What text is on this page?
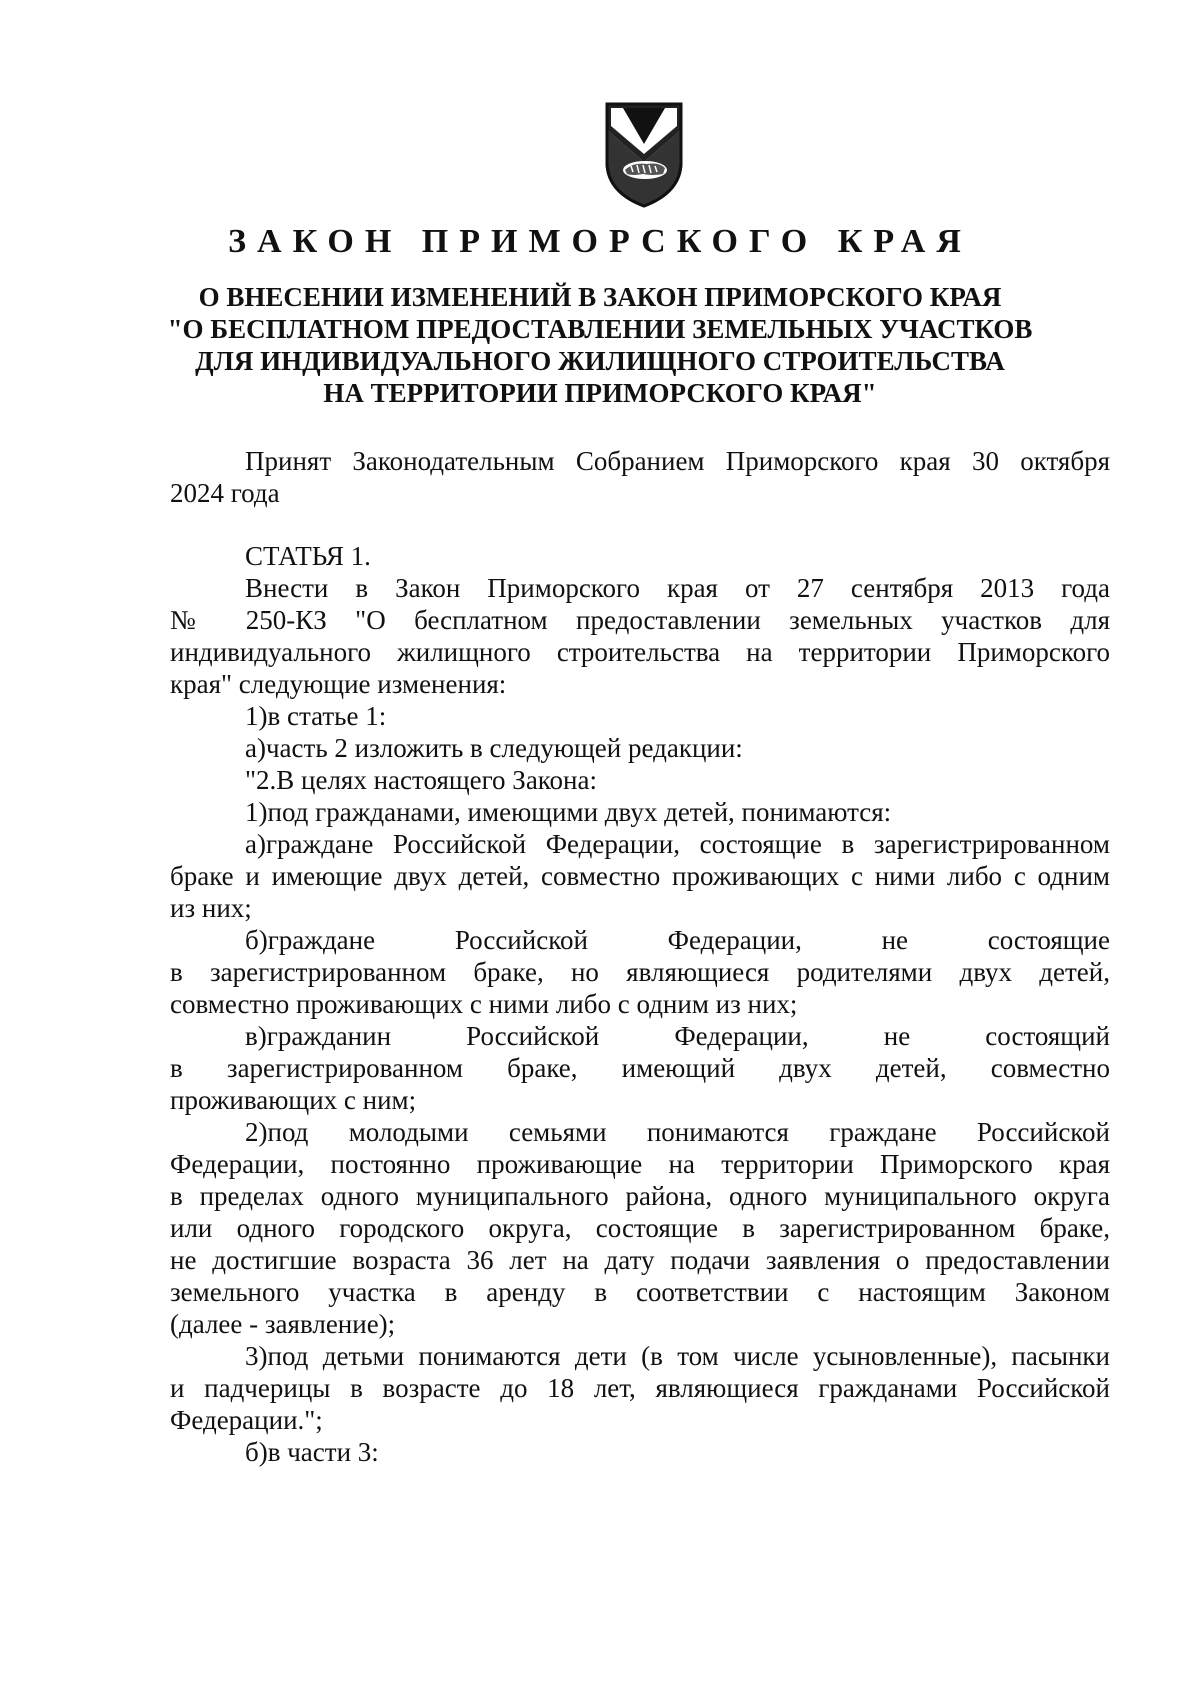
ЗАКОН ПРИМОРСКОГО КРАЯ
О ВНЕСЕНИИ ИЗМЕНЕНИЙ В ЗАКОН ПРИМОРСКОГО КРАЯ
"О БЕСПЛАТНОМ ПРЕДОСТАВЛЕНИИ ЗЕМЕЛЬНЫХ УЧАСТКОВ
ДЛЯ ИНДИВИДУАЛЬНОГО ЖИЛИЩНОГО СТРОИТЕЛЬСТВА
НА ТЕРРИТОРИИ ПРИМОРСКОГО КРАЯ"
Принят Законодательным Собранием Приморского края 30 октября
2024 года
СТАТЬЯ 1.
Внести в Закон Приморского края от 27 сентября 2013 года
№ 250-КЗ "О бесплатном предоставлении земельных участков для
индивидуального жилищного строительства на территории Приморского
края" следующие изменения:
1)в статье 1:
а)часть 2 изложить в следующей редакции:
"2.В целях настоящего Закона:
1)под гражданами, имеющими двух детей, понимаются:
а)граждане Российской Федерации, состоящие в зарегистрированном
браке и имеющие двух детей, совместно проживающих с ними либо с одним
из них;
б)граждане Российской Федерации, не состоящие
в зарегистрированном браке, но являющиеся родителями двух детей,
совместно проживающих с ними либо с одним из них;
в)гражданин Российской Федерации, не состоящий
в зарегистрированном браке, имеющий двух детей, совместно
проживающих с ним;
2)под молодыми семьями понимаются граждане Российской
Федерации, постоянно проживающие на территории Приморского края
в пределах одного муниципального района, одного муниципального округа
или одного городского округа, состоящие в зарегистрированном браке,
не достигшие возраста 36 лет на дату подачи заявления о предоставлении
земельного участка в аренду в соответствии с настоящим Законом
(далее - заявление);
3)под детьми понимаются дети (в том числе усыновленные), пасынки
и падчерицы в возрасте до 18 лет, являющиеся гражданами Российской
Федерации.";
б)в части 3:
